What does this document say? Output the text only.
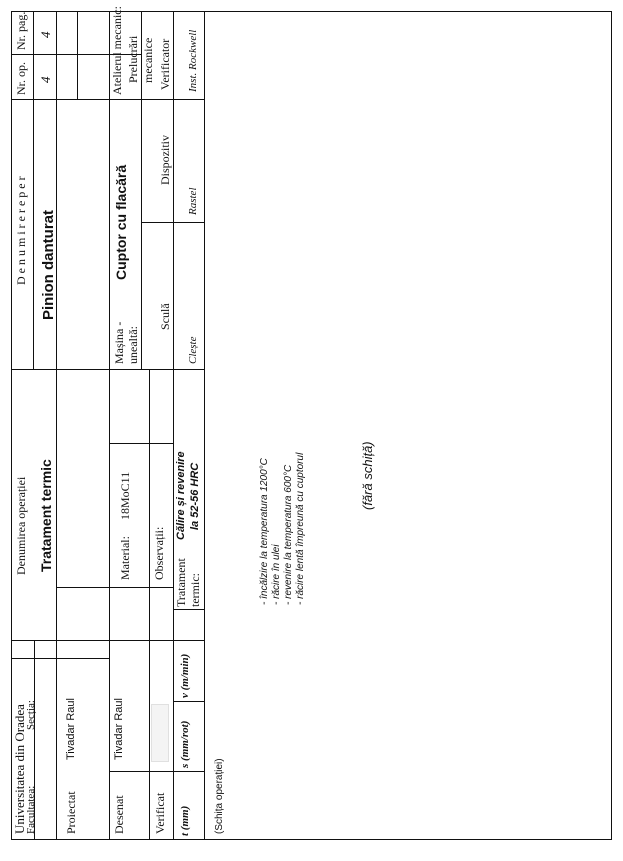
Universitatea din Oradea
Facultatea:
Secția:
Denumirea operației Tratament termic
D e n u m i r e r e p e r Pinion danturat
Nr. op.
Nr. pag.
4
4
Proiectat
Tivadar Raul
Desenat
Tivadar Raul
Verificat
Material:
18MoC11
Observații:
Mașina - unealtă:
Cuptor cu flacără
Atelierul mecanic: Prelucrări mecanice
Sculă
Clește
Dispozitiv
Rastel
Verificator Inst. Rockwell
Tratament termic:
Călire și revenire la 52-56 HRC
t (mm)
s (mm/rot)
v (m/min)
(Schița operației)
- încălzire la temperatura 1200°C - răcire în ulei - revenire la temperatura 600°C - răcire lentă împreună cu cuptorul	(fără schiță)
